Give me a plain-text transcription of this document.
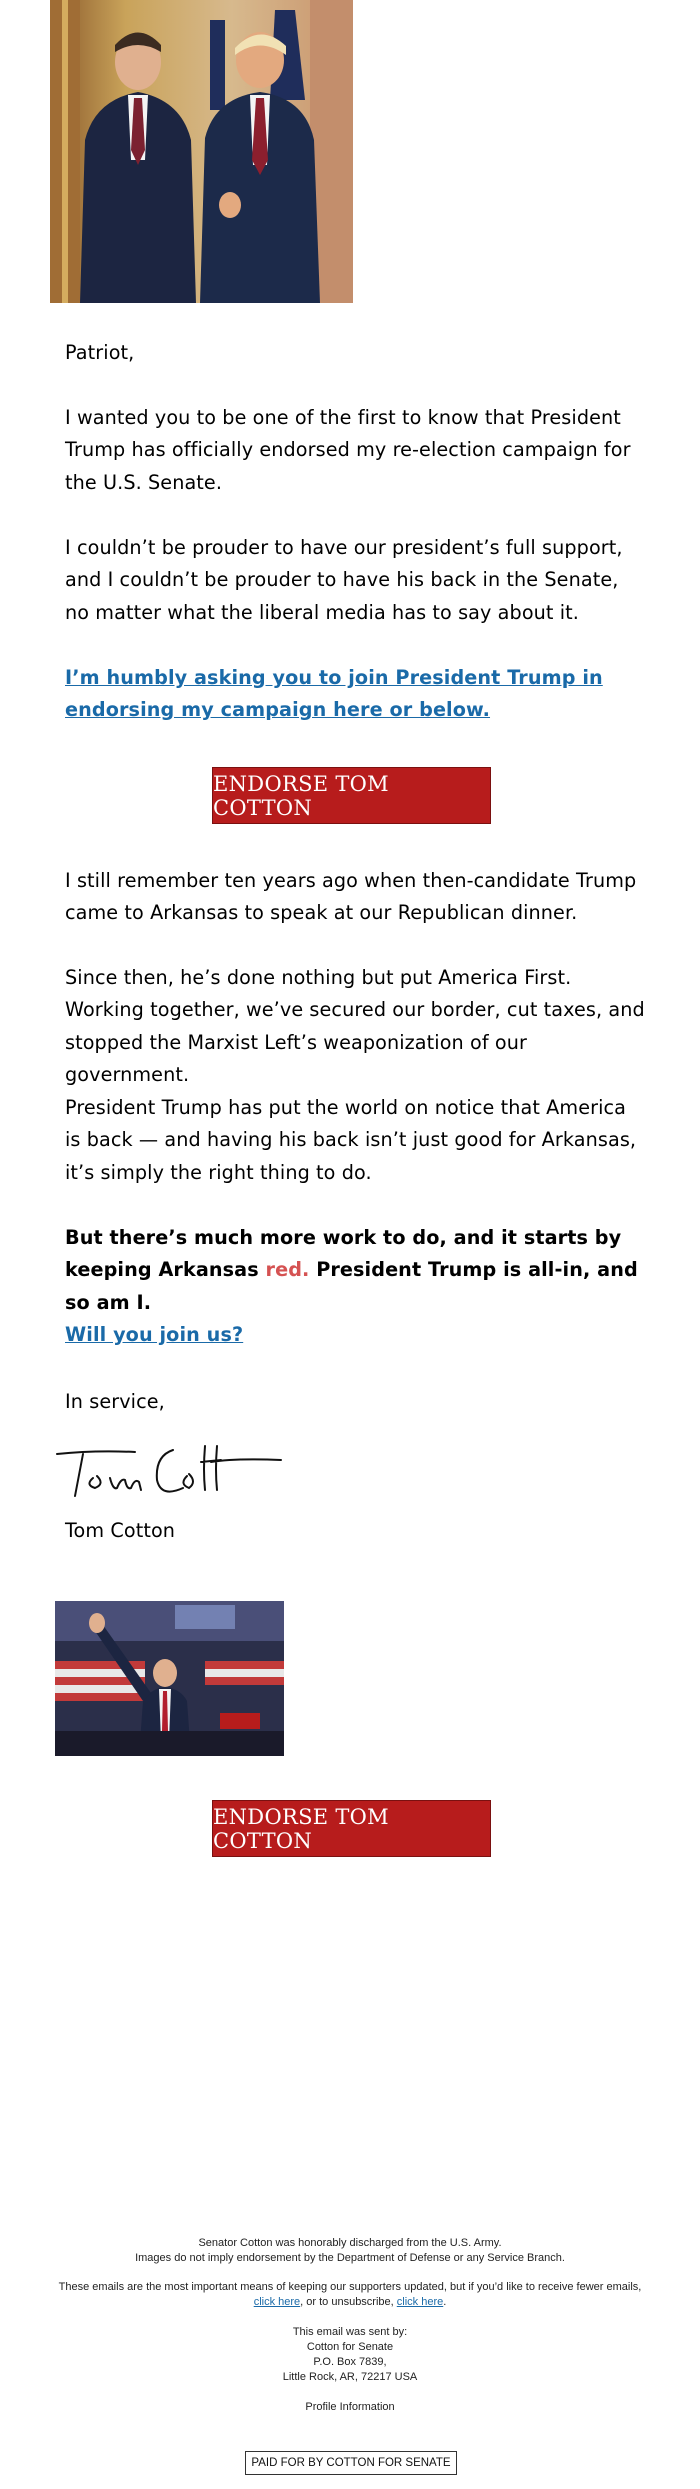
Patriot,

I wanted you to be one of the first to know that President Trump has officially endorsed my re-election campaign for the U.S. Senate.

I couldn’t be prouder to have our president’s full support, and I couldn’t be prouder to have his back in the Senate, no matter what the liberal media has to say about it.

I’m humbly asking you to join President Trump in endorsing my campaign here or below.

ENDORSE TOM COTTON

I still remember ten years ago when then-candidate Trump came to Arkansas to speak at our Republican dinner.

Since then, he’s done nothing but put America First. Working together, we’ve secured our border, cut taxes, and stopped the Marxist Left’s weaponization of our government.

President Trump has put the world on notice that America is back — and having his back isn’t just good for Arkansas, it’s simply the right thing to do.

But there’s much more work to do, and it starts by keeping Arkansas red. President Trump is all-in, and so am I.

Will you join us?

In service,

Tom Cotton

ENDORSE TOM COTTON
Senator Cotton was honorably discharged from the U.S. Army.
Images do not imply endorsement by the Department of Defense or any Service Branch.
These emails are the most important means of keeping our supporters updated, but if you’d like to receive fewer emails,
click here, or to unsubscribe, click here.
This email was sent by:
Cotton for Senate
P.O. Box 7839,
Little Rock, AR, 72217 USA
Profile Information
PAID FOR BY COTTON FOR SENATE
